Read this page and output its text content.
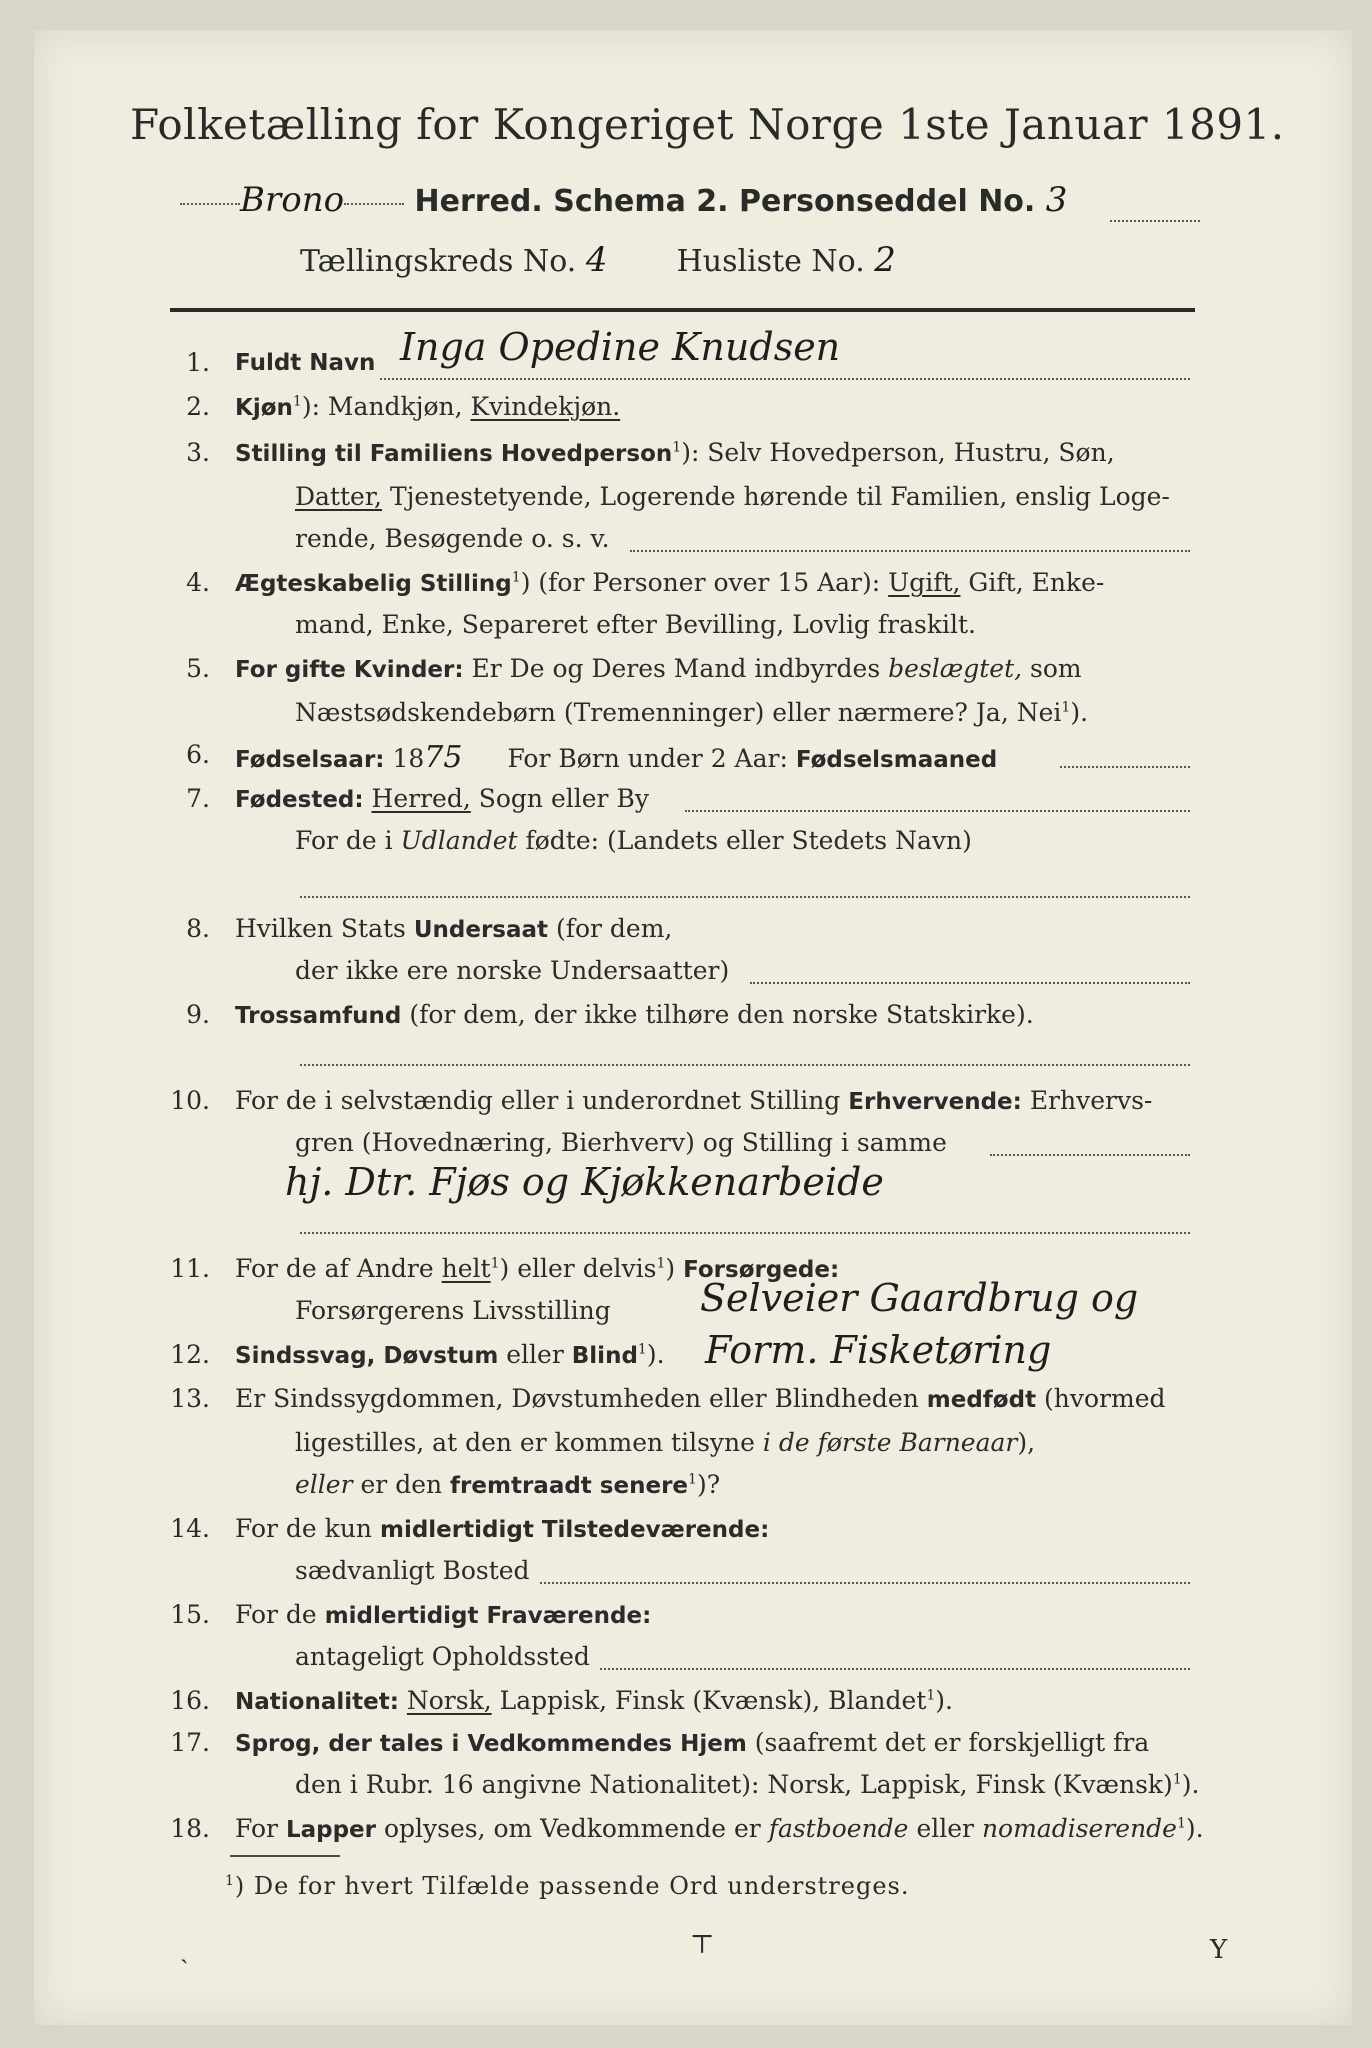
Folketælling for Kongeriget Norge 1ste Januar 1891.
Brono Herred. Schema 2. Personseddel No. 3
Tællingskreds No. 4 Husliste No. 2
1. Fuldt Navn Inga Opedine Knudsen
2. Kjøn$^1$): Mandkjøn, Kvindekjøn.
3. Stilling til Familiens Hovedperson$^1$): Selv Hovedperson, Hustru, Søn,
Datter, Tjenestetyende, Logerende hørende til Familien, enslig Loge-
rende, Besøgende o. s. v.
4. Ægteskabelig Stilling$^1$) (for Personer over 15 Aar): Ugift, Gift, Enke-
mand, Enke, Separeret efter Bevilling, Lovlig fraskilt.
5. For gifte Kvinder: Er De og Deres Mand indbyrdes beslægtet, som
Næstsødskendebørn (Tremenninger) eller nærmere? Ja, Nei$^1$).
6. Fødselsaar: 1875 For Børn under 2 Aar: Fødselsmaaned
7. Fødested: Herred, Sogn eller By
For de i Udlandet fødte: (Landets eller Stedets Navn)
8. Hvilken Stats Undersaat (for dem,
der ikke ere norske Undersaatter)
9. Trossamfund (for dem, der ikke tilhøre den norske Statskirke).
10. For de i selvstændig eller i underordnet Stilling Erhvervende: Erhvervs-
gren (Hovednæring, Bierhverv) og Stilling i samme
hj. Dtr. Fjøs og Kjøkkenarbeide
11. For de af Andre helt$^1$) eller delvis$^1$) Forsørgede:
Forsørgerens Livsstilling Selveier Gaardbrug og
12. Sindssvag, Døvstum eller Blind$^1$). Form. Fisketøring
13. Er Sindssygdommen, Døvstumheden eller Blindheden medfødt (hvormed
ligestilles, at den er kommen tilsyne i de første Barneaar),
eller er den fremtraadt senere$^1$)?
14. For de kun midlertidigt Tilstedeværende:
sædvanligt Bosted
15. For de midlertidigt Fraværende:
antageligt Opholdssted
16. Nationalitet: Norsk, Lappisk, Finsk (Kvænsk), Blandet$^1$).
17. Sprog, der tales i Vedkommendes Hjem (saafremt det er forskjelligt fra
den i Rubr. 16 angivne Nationalitet): Norsk, Lappisk, Finsk (Kvænsk)$^1$).
18. For Lapper oplyses, om Vedkommende er fastboende eller nomadiserende$^1$).
$^1$) De for hvert Tilfælde passende Ord understreges.
ˎ	⊤	Y
